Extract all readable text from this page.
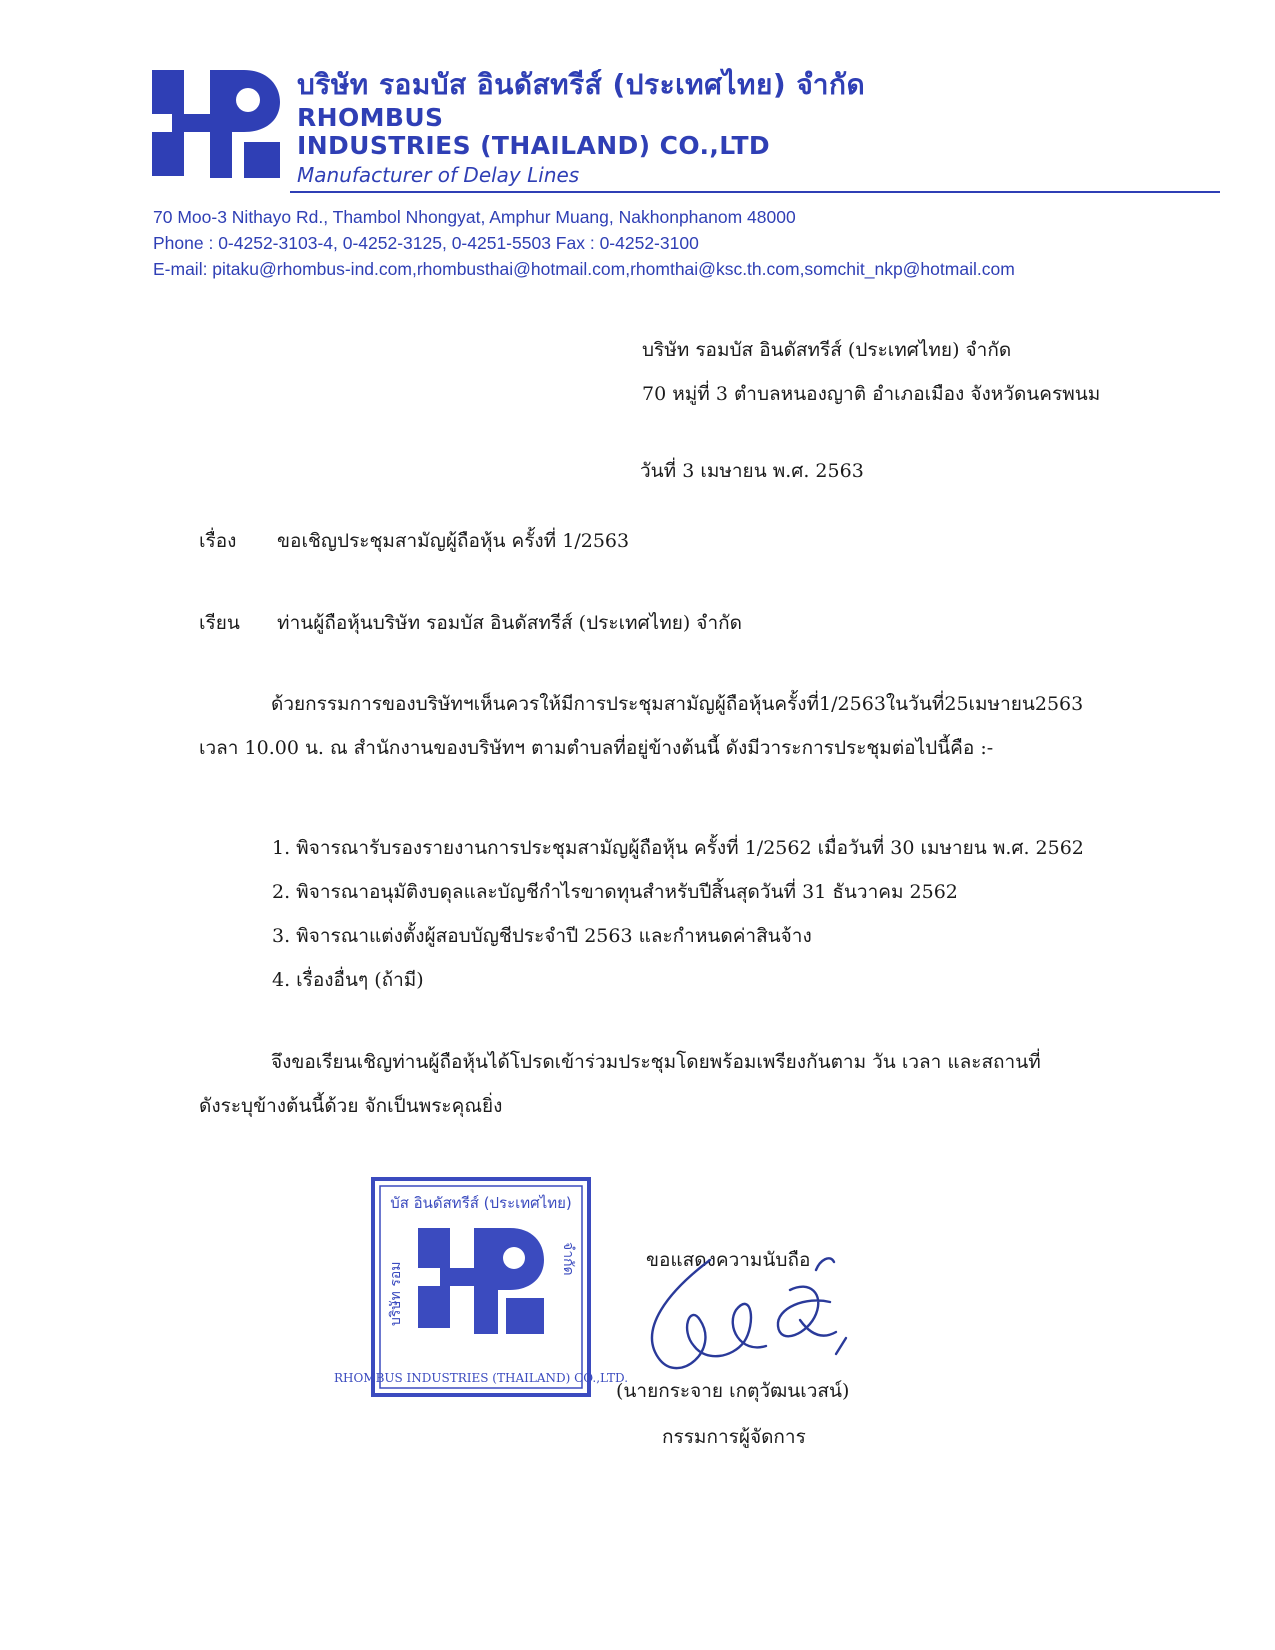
บริษัท รอมบัส อินดัสทรีส์ (ประเทศไทย) จำกัด
RHOMBUS
INDUSTRIES (THAILAND) CO.,LTD
Manufacturer of Delay Lines
70 Moo-3 Nithayo Rd., Thambol Nhongyat, Amphur Muang, Nakhonphanom 48000
Phone : 0-4252-3103-4, 0-4252-3125, 0-4251-5503 Fax : 0-4252-3100
E-mail: pitaku@rhombus-ind.com,rhombusthai@hotmail.com,rhomthai@ksc.th.com,somchit_nkp@hotmail.com
บริษัท รอมบัส อินดัสทรีส์ (ประเทศไทย) จำกัด
70 หมู่ที่ 3 ตำบลหนองญาติ อำเภอเมือง จังหวัดนครพนม
วันที่ 3 เมษายน พ.ศ. 2563
เรื่อง ขอเชิญประชุมสามัญผู้ถือหุ้น ครั้งที่ 1/2563
เรียน ท่านผู้ถือหุ้นบริษัท รอมบัส อินดัสทรีส์ (ประเทศไทย) จำกัด
ด้วยกรรมการของบริษัทฯเห็นควรให้มีการประชุมสามัญผู้ถือหุ้นครั้งที่1/2563ในวันที่25เมษายน2563
เวลา 10.00 น. ณ สำนักงานของบริษัทฯ ตามตำบลที่อยู่ข้างต้นนี้ ดังมีวาระการประชุมต่อไปนี้คือ :-
1. พิจารณารับรองรายงานการประชุมสามัญผู้ถือหุ้น ครั้งที่ 1/2562 เมื่อวันที่ 30 เมษายน พ.ศ. 2562
2. พิจารณาอนุมัติงบดุลและบัญชีกำไรขาดทุนสำหรับปีสิ้นสุดวันที่ 31 ธันวาคม 2562
3. พิจารณาแต่งตั้งผู้สอบบัญชีประจำปี 2563 และกำหนดค่าสินจ้าง
4. เรื่องอื่นๆ (ถ้ามี)
จึงขอเรียนเชิญท่านผู้ถือหุ้นได้โปรดเข้าร่วมประชุมโดยพร้อมเพรียงกันตาม วัน เวลา และสถานที่
ดังระบุข้างต้นนี้ด้วย จักเป็นพระคุณยิ่ง
บัส อินดัสทรีส์ (ประเทศไทย)
RHOMBUS INDUSTRIES (THAILAND) CO.,LTD.
บริษัท รอม
จำกัด	ขอแสดงความนับถือ
(นายกระจาย เกตุวัฒนเวสน์)
กรรมการผู้จัดการ
